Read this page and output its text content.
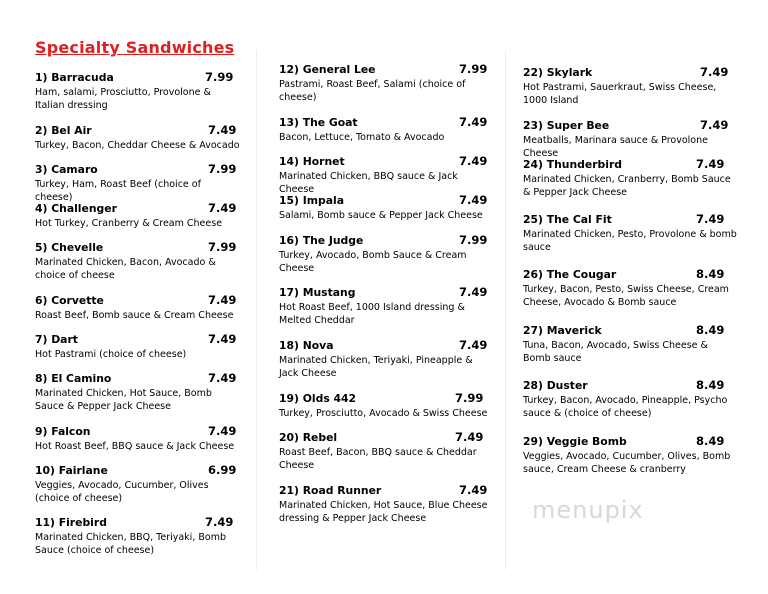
Specialty Sandwiches
1) Barracuda	7.99
Ham, salami, Prosciutto, Provolone & Italian dressing
2) Bel Air	7.49
Turkey, Bacon, Cheddar Cheese & Avocado
3) Camaro	7.99
Turkey, Ham, Roast Beef (choice of cheese)
4) Challenger	7.49
Hot Turkey, Cranberry & Cream Cheese
5) Chevelle	7.99
Marinated Chicken, Bacon, Avocado & choice of cheese
6) Corvette	7.49
Roast Beef, Bomb sauce & Cream Cheese
7) Dart	7.49
Hot Pastrami (choice of cheese)
8) El Camino	7.49
Marinated Chicken, Hot Sauce, Bomb Sauce & Pepper Jack Cheese
9) Falcon	7.49
Hot Roast Beef, BBQ sauce & Jack Cheese
10) Fairlane	6.99
Veggies, Avocado, Cucumber, Olives (choice of cheese)
11) Firebird	7.49
Marinated Chicken, BBQ, Teriyaki, Bomb Sauce (choice of cheese)
12) General Lee	7.99
Pastrami, Roast Beef, Salami (choice of cheese)
13) The Goat	7.49
Bacon, Lettuce, Tomato & Avocado
14) Hornet	7.49
Marinated Chicken, BBQ sauce & Jack Cheese
15) Impala	7.49
Salami, Bomb sauce & Pepper Jack Cheese
16) The Judge	7.99
Turkey, Avocado, Bomb Sauce & Cream Cheese
17) Mustang	7.49
Hot Roast Beef, 1000 Island dressing & Melted Cheddar
18) Nova	7.49
Marinated Chicken, Teriyaki, Pineapple & Jack Cheese
19) Olds 442	7.99
Turkey, Prosciutto, Avocado & Swiss Cheese
20) Rebel	7.49
Roast Beef, Bacon, BBQ sauce & Cheddar Cheese
21) Road Runner	7.49
Marinated Chicken, Hot Sauce, Blue Cheese dressing & Pepper Jack Cheese
22) Skylark	7.49
Hot Pastrami, Sauerkraut, Swiss Cheese, 1000 Island
23) Super Bee	7.49
Meatballs, Marinara sauce & Provolone Cheese
24) Thunderbird	7.49
Marinated Chicken, Cranberry, Bomb Sauce & Pepper Jack Cheese
25) The Cal Fit	7.49
Marinated Chicken, Pesto, Provolone & bomb sauce
26) The Cougar	8.49
Turkey, Bacon, Pesto, Swiss Cheese, Cream Cheese, Avocado & Bomb sauce
27) Maverick	8.49
Tuna, Bacon, Avocado, Swiss Cheese & Bomb sauce
28) Duster	8.49
Turkey, Bacon, Avocado, Pineapple, Psycho sauce & (choice of cheese)
29) Veggie Bomb	8.49
Veggies, Avocado, Cucumber, Olives, Bomb sauce, Cream Cheese & cranberry
menupix
